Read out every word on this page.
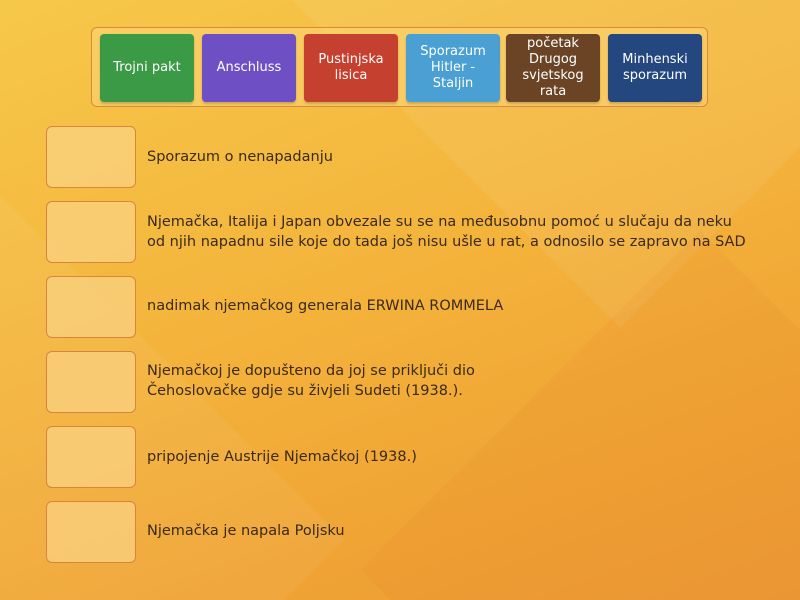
Trojni pakt	Anschluss
Pustinjska lisica
Sporazum Hitler - Staljin
početak Drugog svjetskog rata
Minhenski sporazum
Sporazum o nenapadanju
Njemačka, Italija i Japan obvezale su se na međusobnu pomoć u slučaju da neku
od njih napadnu sile koje do tada još nisu ušle u rat, a odnosilo se zapravo na SAD
nadimak njemačkog generala ERWINA ROMMELA
Njemačkoj je dopušteno da joj se priključi dio
Čehoslovačke gdje su živjeli Sudeti (1938.).
pripojenje Austrije Njemačkoj (1938.)
Njemačka je napala Poljsku
